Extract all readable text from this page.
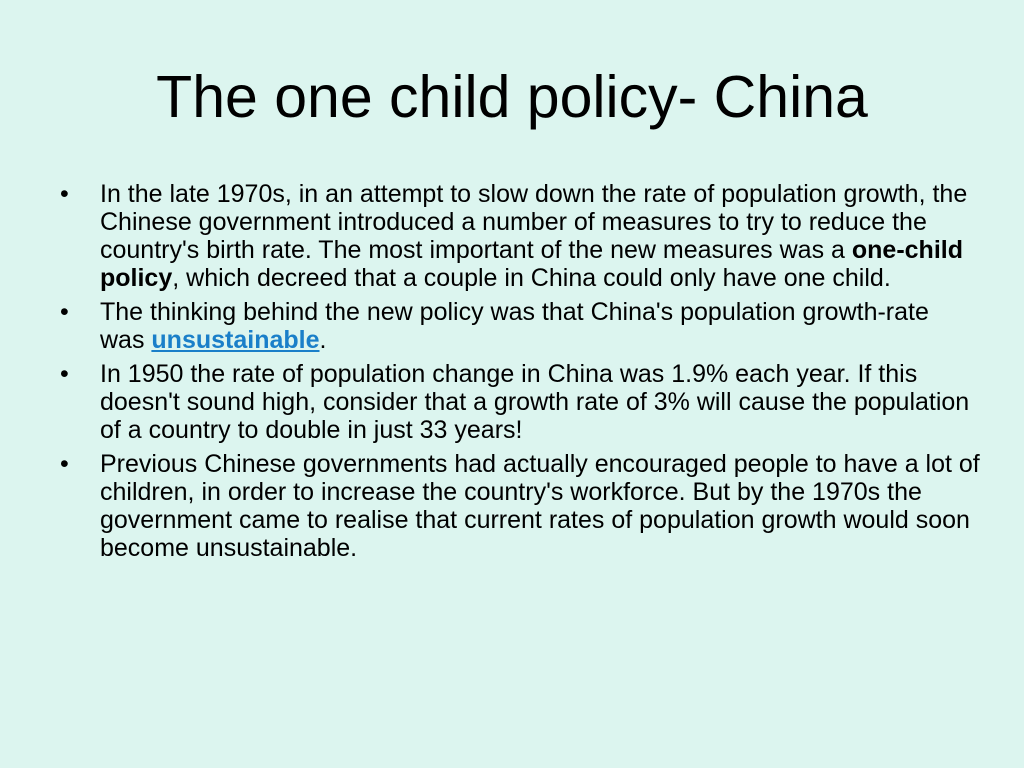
The one child policy- China
•	In the late 1970s, in an attempt to slow down the rate of population growth, the Chinese government introduced a number of measures to try to reduce the country's birth rate. The most important of the new measures was a one-child policy, which decreed that a couple in China could only have one child.
•	The thinking behind the new policy was that China's population growth-rate was unsustainable.
•	In 1950 the rate of population change in China was 1.9% each year. If this doesn't sound high, consider that a growth rate of 3% will cause the population of a country to double in just 33 years!
•	Previous Chinese governments had actually encouraged people to have a lot of children, in order to increase the country's workforce. But by the 1970s the government came to realise that current rates of population growth would soon become unsustainable.
